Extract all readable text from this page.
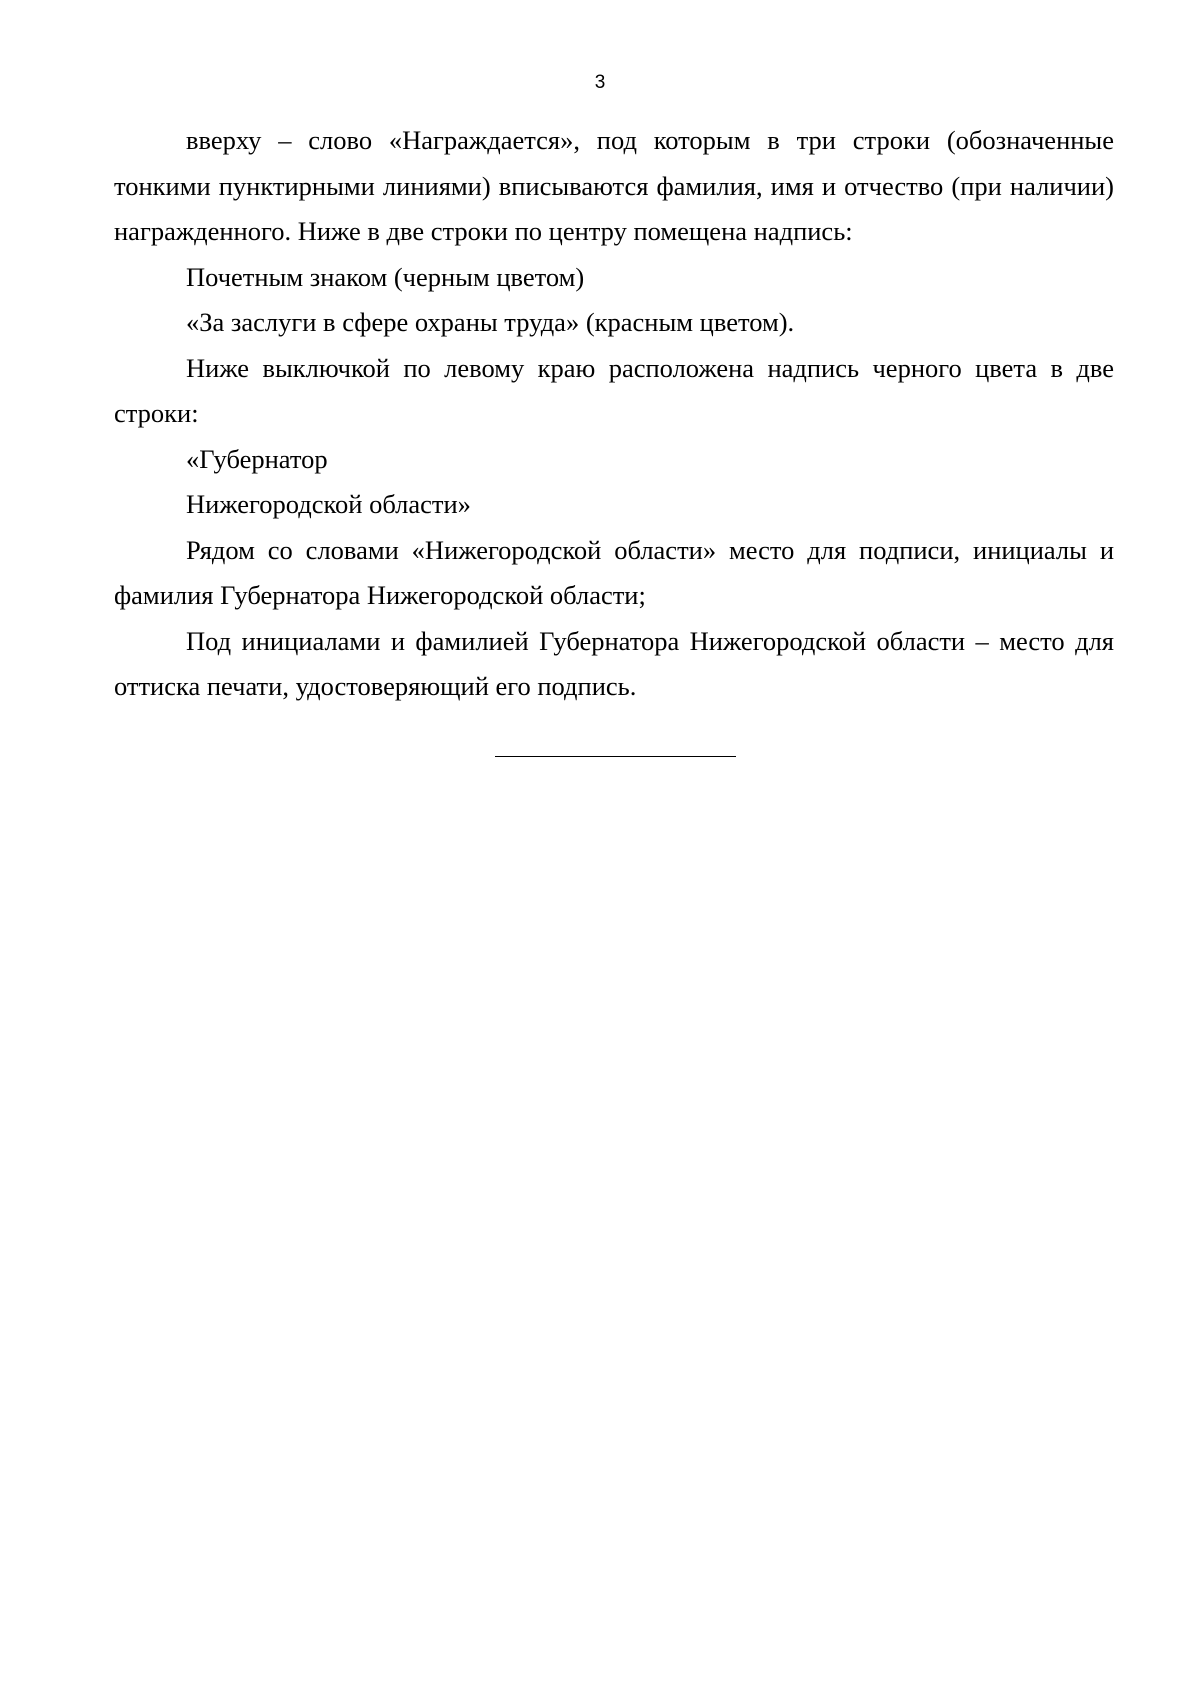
3

вверху – слово «Награждается», под которым в три строки (обозначенные тонкими пунктирными линиями) вписываются фамилия, имя и отчество (при наличии) награжденного. Ниже в две строки по центру помещена надпись:

Почетным знаком (черным цветом)

«За заслуги в сфере охраны труда» (красным цветом).

Ниже выключкой по левому краю расположена надпись черного цвета в две строки:

«Губернатор

Нижегородской области»

Рядом со словами «Нижегородской области» место для подписи, инициалы и фамилия Губернатора Нижегородской области;

Под инициалами и фамилией Губернатора Нижегородской области – место для оттиска печати, удостоверяющий его подпись.
